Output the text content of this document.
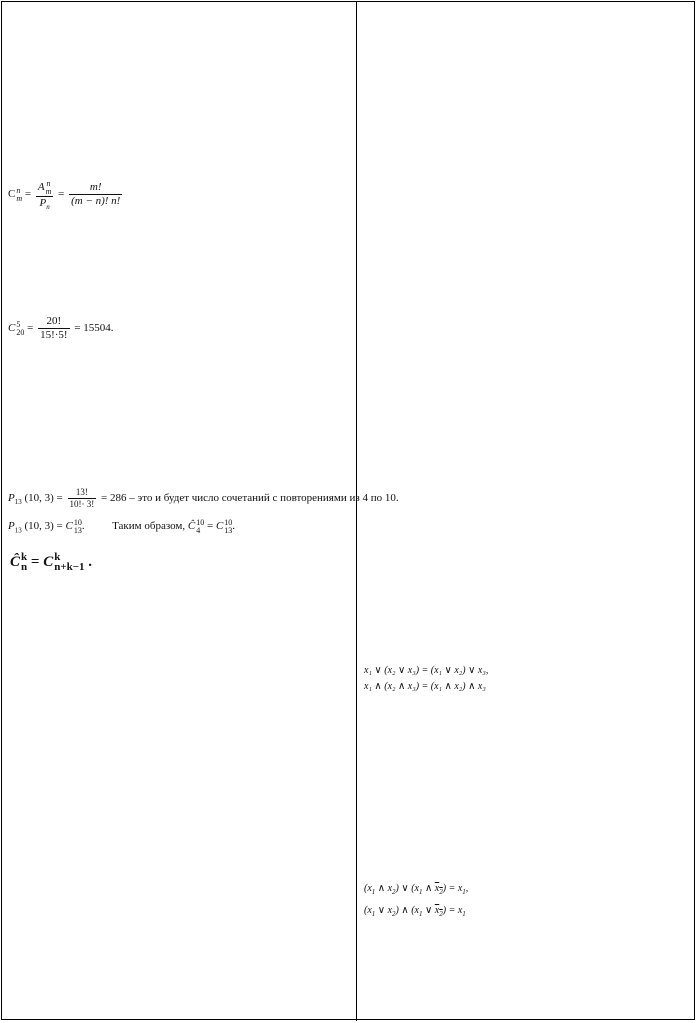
C n
m = A n
m
$P_n = \frac{m!}{(m - n)! n!}$
C 5
$20 = \frac{20!}{15!\cdot 5!} = 15504$.
$P_{13}$ (10, $3) = \frac{13!}{10!\cdot 3!} = 286$ – это и будет число сочетаний с повторениями из 4 по 10.
$P_{13}$ (10, 3) = C 10
13 .	Таким образом, Ĉ 10
4 = C 10
13 .
Ĉ k
n = C k
n+k−1 .
x₁ ∨ (x₂ ∨ x₃) = (x₁ ∨ x₂) ∨ x₃,
x₁ ∧ (x₂ ∧ x₃) = (x₁ ∧ x₂) ∧ x₃
($x_1$ ∧ $x_2$) ∨ ($x_1$ ∧ $x_2) = x_1$,
($x_1$ ∨ $x_2$) ∧ ($x_1$ ∨ $x_2) = x_1$
